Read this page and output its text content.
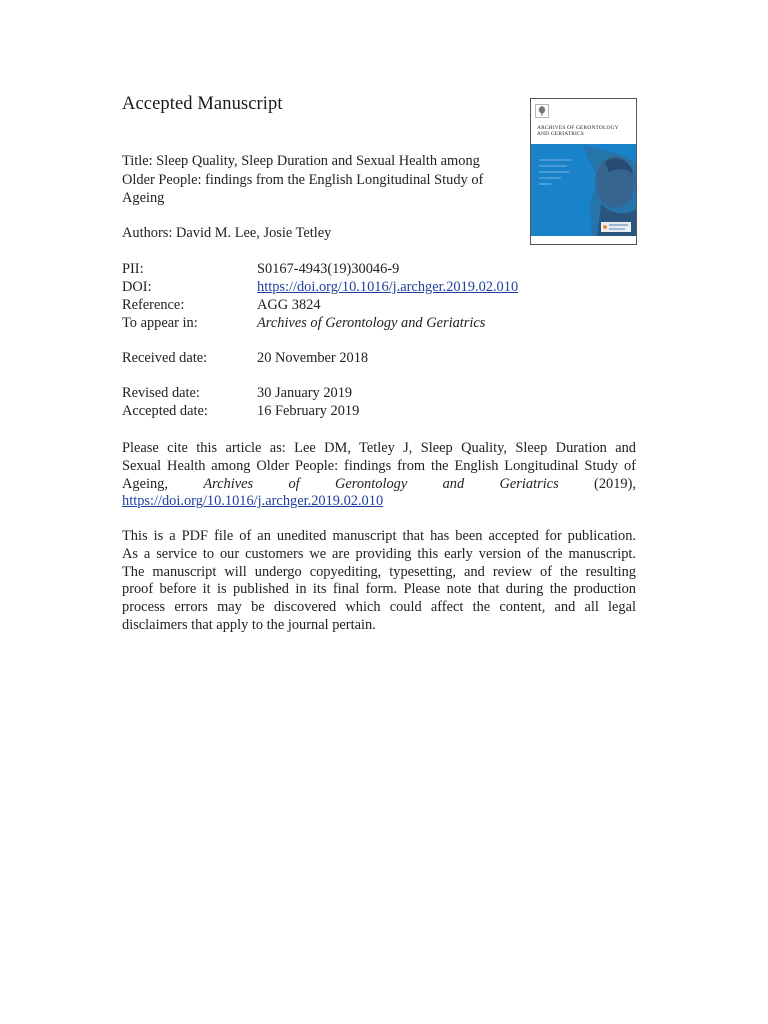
Accepted Manuscript
Title: Sleep Quality, Sleep Duration and Sexual Health among
Older People: findings from the English Longitudinal Study of
Ageing
Authors: David M. Lee, Josie Tetley
PII:	S0167-4943(19)30046-9
DOI:	https://doi.org/10.1016/j.archger.2019.02.010
Reference:	AGG 3824
To appear in:	Archives of Gerontology and Geriatrics
Received date:	20 November 2018
Revised date:	30 January 2019
Accepted date:	16 February 2019
Please cite this article as: Lee DM, Tetley J, Sleep Quality, Sleep Duration and
Sexual Health among Older People: findings from the English Longitudinal Study of
Ageing, Archives of Gerontology and Geriatrics (2019),
https://doi.org/10.1016/j.archger.2019.02.010
This is a PDF file of an unedited manuscript that has been accepted for publication.
As a service to our customers we are providing this early version of the manuscript.
The manuscript will undergo copyediting, typesetting, and review of the resulting
proof before it is published in its final form. Please note that during the production
process errors may be discovered which could affect the content, and all legal
disclaimers that apply to the journal pertain.
ARCHIVES OF GERONTOLOGY
AND GERIATRICS
